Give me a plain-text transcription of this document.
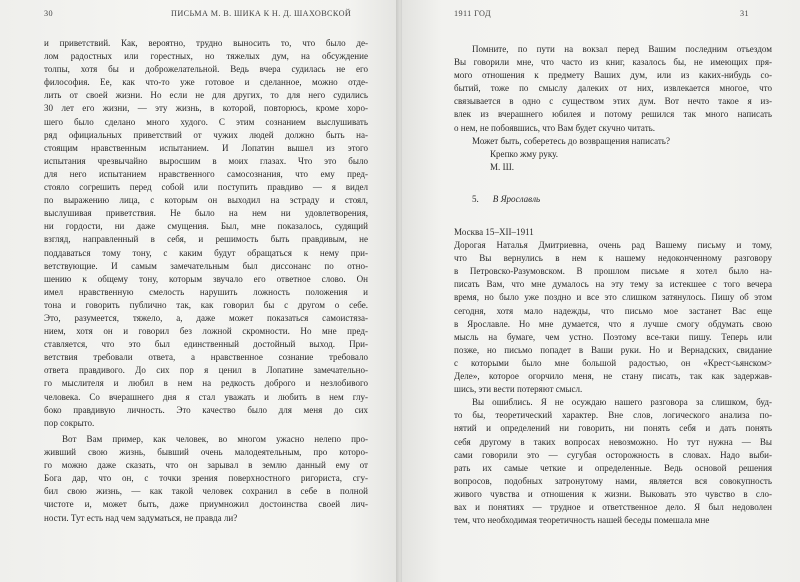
30	ПИСЬМА М. В. ШИКА К Н. Д. ШАХОВСКОЙ
и приветствий. Как, вероятно, трудно выносить то, что было де-
лом радостных или горестных, но тяжелых дум, на обсуждение
толпы, хотя бы и доброжелательной. Ведь вчера судилась не его
философия. Ее, как что-то уже готовое и сделанное, можно отде-
лить от своей жизни. Но если не для других, то для него судились
30 лет его жизни, — эту жизнь, в которой, повторюсь, кроме хоро-
шего было сделано много худого. С этим сознанием выслушивать
ряд официальных приветствий от чужих людей должно быть на-
стоящим нравственным испытанием. И Лопатин вышел из этого
испытания чрезвычайно выросшим в моих глазах. Что это было
для него испытанием нравственного самосознания, что ему пред-
стояло согрешить перед собой или поступить правдиво — я видел
по выражению лица, с которым он выходил на эстраду и стоял,
выслушивая приветствия. Не было на нем ни удовлетворения,
ни гордости, ни даже смущения. Был, мне показалось, судящий
взгляд, направленный в себя, и решимость быть правдивым, не
поддаваться тому тону, с каким будут обращаться к нему при-
ветствующие. И самым замечательным был диссонанс по отно-
шению к общему тону, которым звучало его ответное слово. Он
имел нравственную смелость нарушить ложность положения и
тона и говорить публично так, как говорил бы с другом о себе.
Это, разумеется, тяжело, а, даже может показаться самоистяза-
нием, хотя он и говорил без ложной скромности. Но мне пред-
ставляется, что это был единственный достойный выход. При-
ветствия требовали ответа, а нравственное сознание требовало
ответа правдивого. До сих пор я ценил в Лопатине замечательно-
го мыслителя и любил в нем на редкость доброго и незлобивого
человека. Со вчерашнего дня я стал уважать и любить в нем глу-
боко правдивую личность. Это качество было для меня до сих
пор сокрыто.
Вот Вам пример, как человек, во многом ужасно нелепо про-
живший свою жизнь, бывший очень малодеятельным, про которо-
го можно даже сказать, что он зарывал в землю данный ему от
Бога дар, что он, с точки зрения поверхностного ригориста, сгу-
бил свою жизнь, — как такой человек сохранил в себе в полной
чистоте и, может быть, даже приумножил достоинства своей лич-
ности. Тут есть над чем задуматься, не правда ли?
1911 ГОД	31
Помните, по пути на вокзал перед Вашим последним отъездом
Вы говорили мне, что часто из книг, казалось бы, не имеющих пря-
мого отношения к предмету Ваших дум, или из каких-нибудь со-
бытий, тоже по смыслу далеких от них, извлекается многое, что
связывается в одно с существом этих дум. Вот нечто такое я из-
влек из вчерашнего юбилея и потому решился так много написать
о нем, не побоявшись, что Вам будет скучно читать.
Может быть, соберетесь до возвращения написать?
Крепко жму руку.
М. Ш.
5. В Ярославль
Москва 15–XII–1911
Дорогая Наталья Дмитриевна, очень рад Вашему письму и тому,
что Вы вернулись в нем к нашему недоконченному разговору
в Петровско-Разумовском. В прошлом письме я хотел было на-
писать Вам, что мне думалось на эту тему за истекшее с того вечера
время, но было уже поздно и все это слишком затянулось. Пишу об этом
сегодня, хотя мало надежды, что письмо мое застанет Вас еще
в Ярославле. Но мне думается, что я лучше смогу обдумать свою
мысль на бумаге, чем устно. Поэтому все-таки пишу. Теперь или
позже, но письмо попадет в Ваши руки. Но и Вернадских, свидание
с которыми было мне большой радостью, он «Крест<ьянском>
Деле», которое огорчило меня, не стану писать, так как задержав-
шись, эти вести потеряют смысл.
Вы ошиблись. Я не осуждаю нашего разговора за слишком, буд-
то бы, теоретический характер. Вне слов, логического анализа по-
нятий и определений ни говорить, ни понять себя и дать понять
себя другому в таких вопросах невозможно. Но тут нужна — Вы
сами говорили это — сугубая осторожность в словах. Надо выби-
рать их самые четкие и определенные. Ведь основой решения
вопросов, подобных затронутому нами, является вся совокупность
живого чувства и отношения к жизни. Выковать это чувство в сло-
вах и понятиях — трудное и ответственное дело. Я был недоволен
тем, что необходимая теоретичность нашей беседы помешала мне
